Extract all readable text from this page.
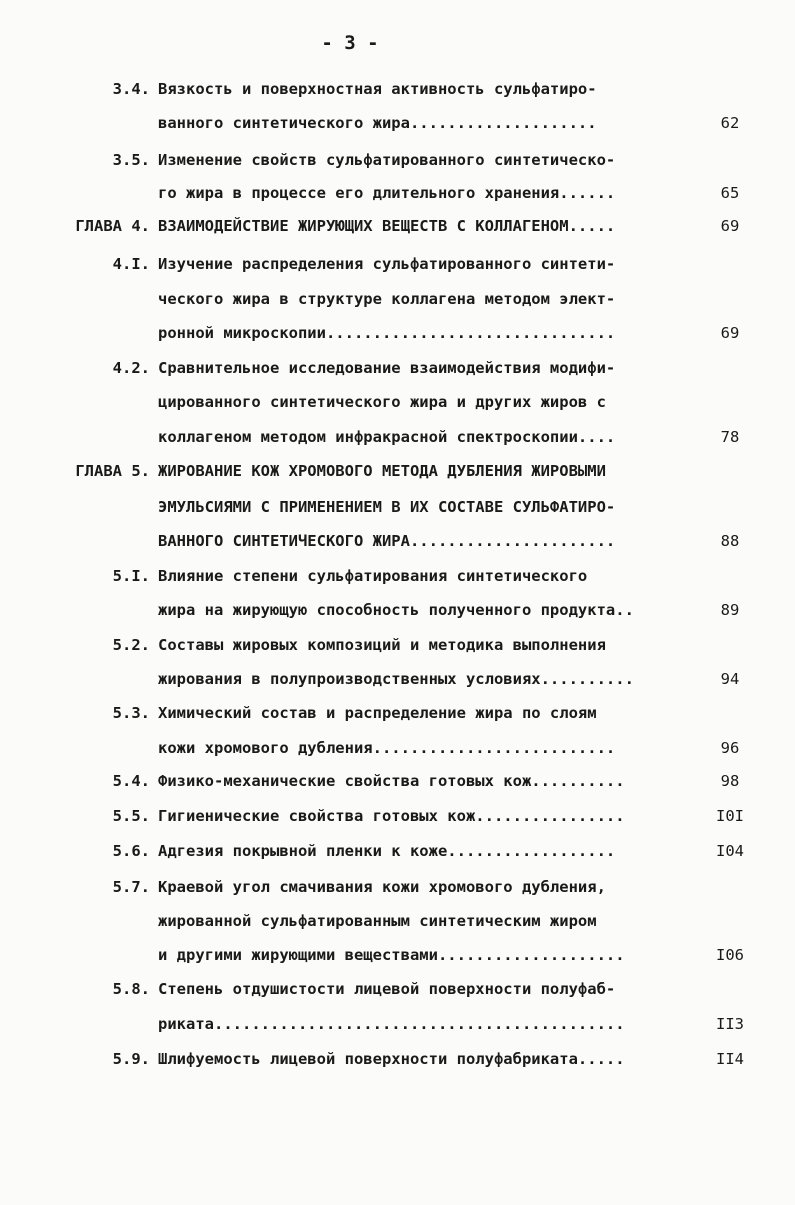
- 3 -
3.4. Вязкость и поверхностная активность сульфатиро-
ванного синтетического жира....................	62
3.5. Изменение свойств сульфатированного синтетическо-
го жира в процессе его длительного хранения......	65
ГЛАВА 4. ВЗАИМОДЕЙСТВИЕ ЖИРУЮЩИХ ВЕЩЕСТВ С КОЛЛАГЕНОМ.....	69
4.I. Изучение распределения сульфатированного синтети-
ческого жира в структуре коллагена методом элект-
ронной микроскопии...............................	69
4.2. Сравнительное исследование взаимодействия модифи-
цированного синтетического жира и других жиров с
коллагеном методом инфракрасной спектроскопии....	78
ГЛАВА 5. ЖИРОВАНИЕ КОЖ ХРОМОВОГО МЕТОДА ДУБЛЕНИЯ ЖИРОВЫМИ
ЭМУЛЬСИЯМИ С ПРИМЕНЕНИЕМ В ИХ СОСТАВЕ СУЛЬФАТИРО-
ВАННОГО СИНТЕТИЧЕСКОГО ЖИРА......................	88
5.I. Влияние степени сульфатирования синтетического
жира на жирующую способность полученного продукта..	89
5.2. Составы жировых композиций и методика выполнения
жирования в полупроизводственных условиях..........	94
5.3. Химический состав и распределение жира по слоям
кожи хромового дубления..........................	96
5.4. Физико-механические свойства готовых кож..........	98
5.5. Гигиенические свойства готовых кож................	I0I
5.6. Адгезия покрывной пленки к коже..................	I04
5.7. Краевой угол смачивания кожи хромового дубления,
жированной сульфатированным синтетическим жиром
и другими жирующими веществами....................	I06
5.8. Степень отдушистости лицевой поверхности полуфаб-
риката............................................	II3
5.9. Шлифуемость лицевой поверхности полуфабриката.....	II4
